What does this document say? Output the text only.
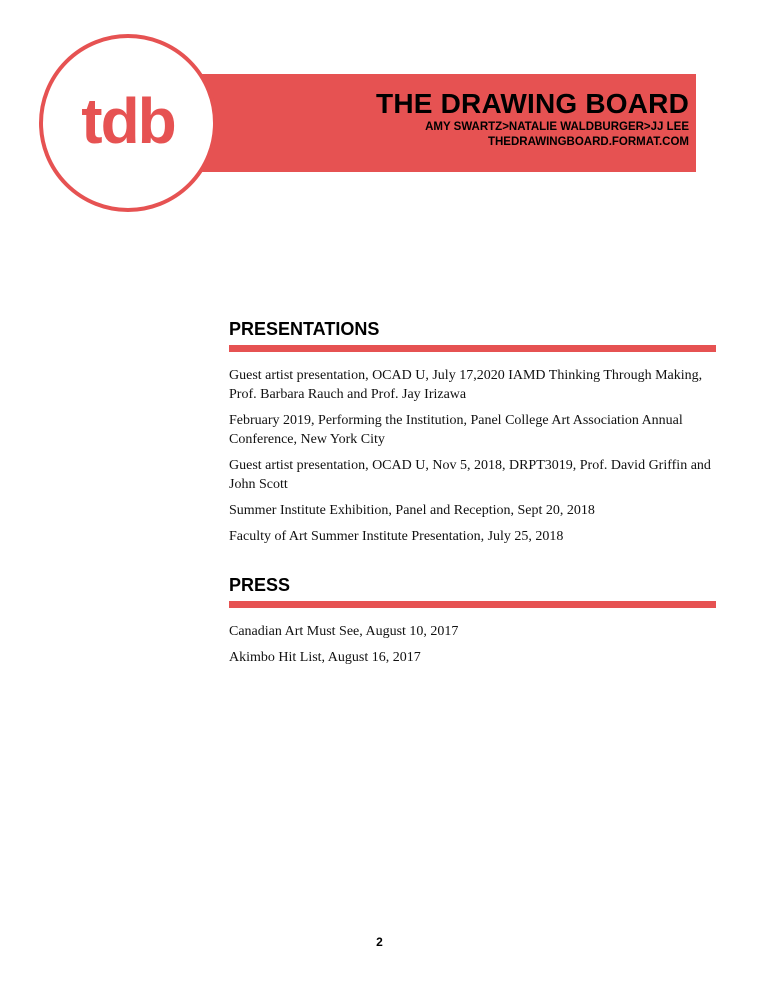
tdb	THE DRAWING BOARD
AMY SWARTZ>NATALIE WALDBURGER>JJ LEE
THEDRAWINGBOARD.FORMAT.COM
PRESENTATIONS

Guest artist presentation, OCAD U, July 17,2020 IAMD Thinking Through Making, Prof. Barbara Rauch and Prof. Jay Irizawa

February 2019, Performing the Institution, Panel College Art Association Annual Conference, New York City

Guest artist presentation, OCAD U, Nov 5, 2018, DRPT3019, Prof. David Griffin and John Scott

Summer Institute Exhibition, Panel and Reception, Sept 20, 2018

Faculty of Art Summer Institute Presentation, July 25, 2018

PRESS

Canadian Art Must See, August 10, 2017

Akimbo Hit List, August 16, 2017

2
